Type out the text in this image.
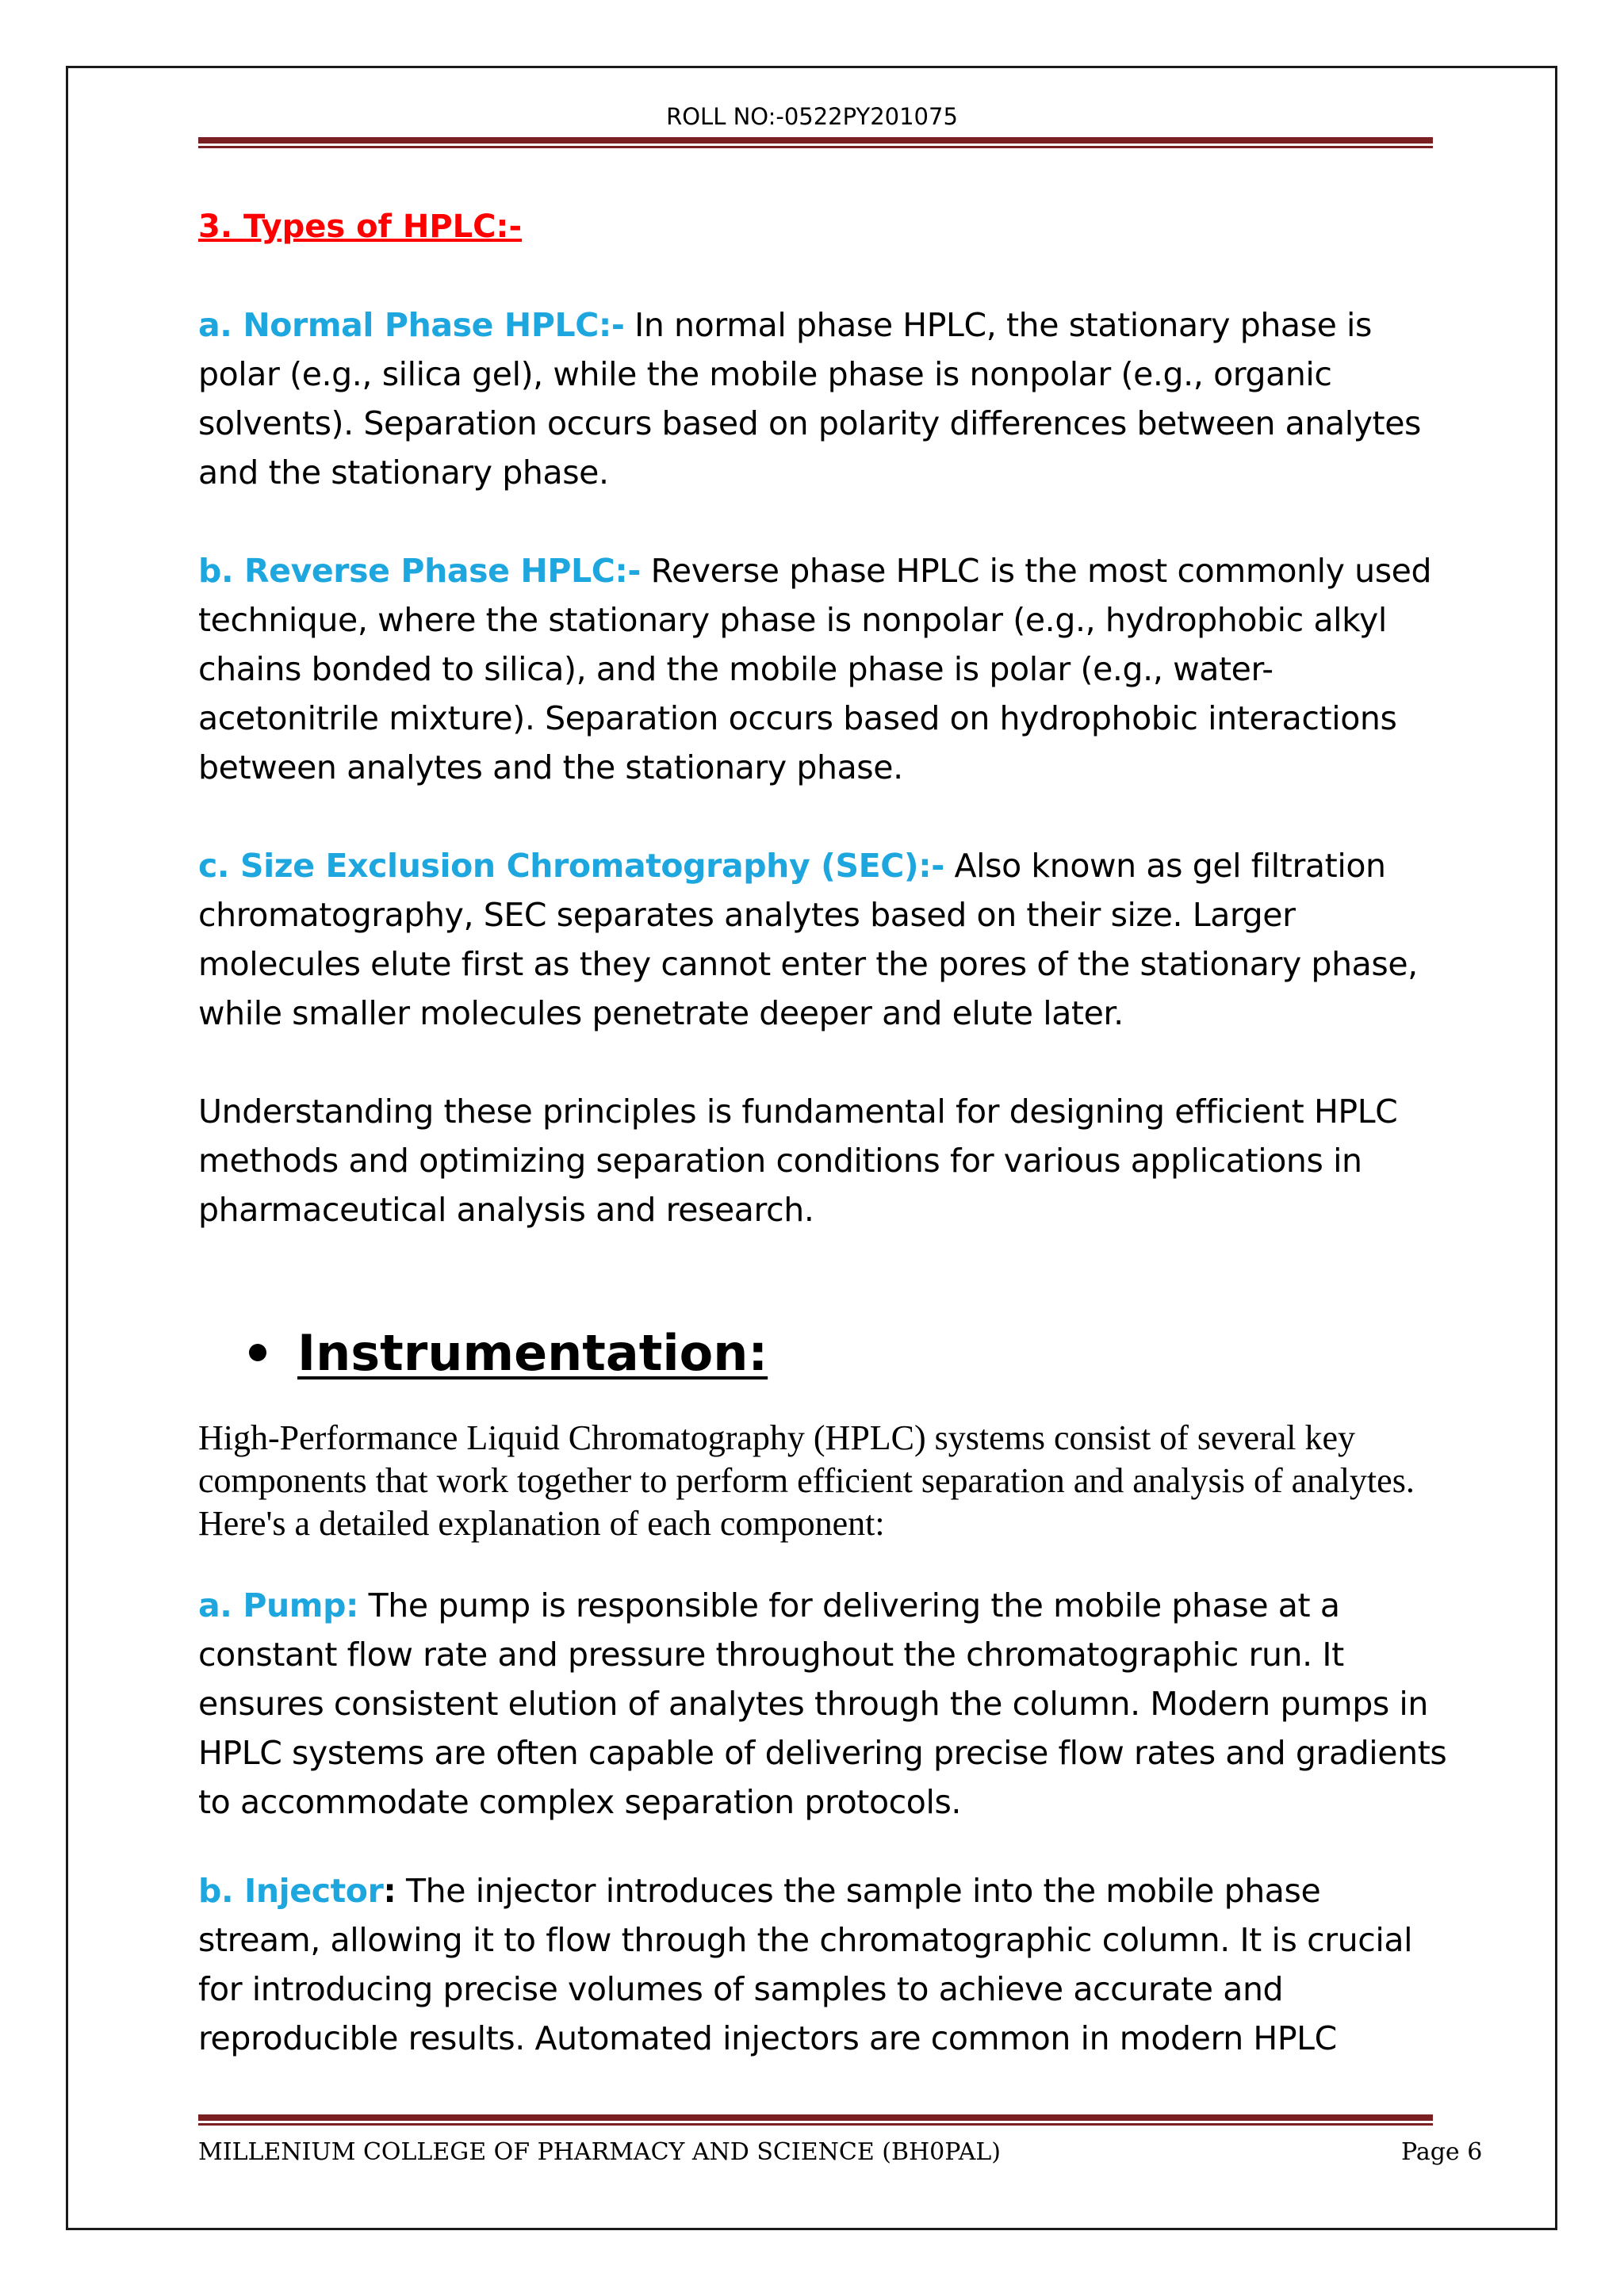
ROLL NO:-0522PY201075
3. Types of HPLC:-

a. Normal Phase HPLC:- In normal phase HPLC, the stationary phase is polar (e.g., silica gel), while the mobile phase is nonpolar (e.g., organic solvents). Separation occurs based on polarity differences between analytes and the stationary phase.

b. Reverse Phase HPLC:- Reverse phase HPLC is the most commonly used technique, where the stationary phase is nonpolar (e.g., hydrophobic alkyl chains bonded to silica), and the mobile phase is polar (e.g., water-acetonitrile mixture). Separation occurs based on hydrophobic interactions between analytes and the stationary phase.

c. Size Exclusion Chromatography (SEC):- Also known as gel filtration chromatography, SEC separates analytes based on their size. Larger molecules elute first as they cannot enter the pores of the stationary phase, while smaller molecules penetrate deeper and elute later.

Understanding these principles is fundamental for designing efficient HPLC methods and optimizing separation conditions for various applications in pharmaceutical analysis and research.

Instrumentation:

High-Performance Liquid Chromatography (HPLC) systems consist of several key components that work together to perform efficient separation and analysis of analytes. Here's a detailed explanation of each component:

a. Pump: The pump is responsible for delivering the mobile phase at a constant flow rate and pressure throughout the chromatographic run. It ensures consistent elution of analytes through the column. Modern pumps in HPLC systems are often capable of delivering precise flow rates and gradients to accommodate complex separation protocols.

b. Injector: The injector introduces the sample into the mobile phase stream, allowing it to flow through the chromatographic column. It is crucial for introducing precise volumes of samples to achieve accurate and reproducible results. Automated injectors are common in modern HPLC

MILLENIUM COLLEGE OF PHARMACY AND SCIENCE (BH0PAL)	Page 6
